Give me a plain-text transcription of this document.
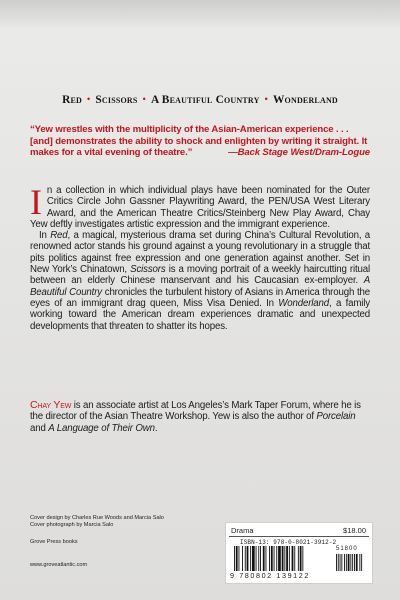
Red • Scissors • A Beautiful Country • Wonderland
“Yew wrestles with the multiplicity of the Asian-American experience . . . [and] demonstrates the ability to shock and enlighten by writing it straight. It makes for a vital evening of theatre.”	—Back Stage West/Dram-Logue

In a collection in which individual plays have been nominated for the Outer Critics Circle John Gassner Playwriting Award, the PEN/USA West Literary Award, and the American Theatre Critics/Steinberg New Play Award, Chay Yew deftly investigates artistic expression and the immigrant experience.

In Red, a magical, mysterious drama set during China’s Cultural Revolution, a renowned actor stands his ground against a young revolutionary in a struggle that pits politics against free expression and one generation against another. Set in New York’s Chinatown, Scissors is a moving portrait of a weekly haircutting ritual between an elderly Chinese manservant and his Caucasian ex-employer. A Beautiful Country chronicles the turbulent history of Asians in America through the eyes of an immigrant drag queen, Miss Visa Denied. In Wonderland, a family working toward the American dream experiences dramatic and unexpected developments that threaten to shatter its hopes.

Chay Yew is an associate artist at Los Angeles’s Mark Taper Forum, where he is the director of the Asian Theatre Workshop. Yew is also the author of Porcelain and A Language of Their Own.
Cover design by Charles Rue Woods and Marcia Salo
Cover photograph by Marcia Salo
Grove Press books
www.groveatlantic.com
Drama	$18.00
ISBN-13: 978-0-8021-3912-2
9 780802 139122
51800
